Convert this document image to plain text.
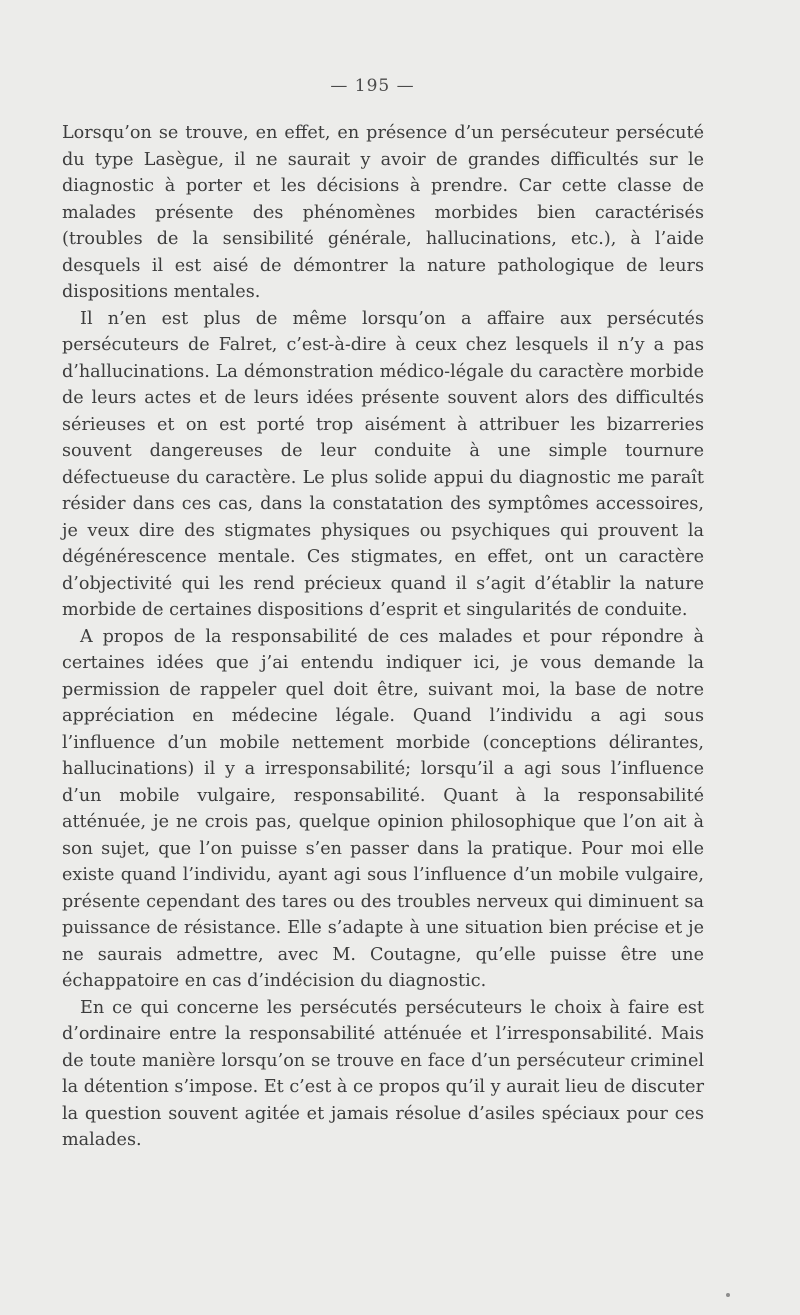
— 195 —

Lorsqu’on se trouve, en effet, en présence d’un persécuteur persécuté du type Lasègue, il ne saurait y avoir de grandes difficultés sur le diagnostic à porter et les décisions à prendre. Car cette classe de malades présente des phénomènes morbides bien caractérisés (troubles de la sensibilité générale, hallucinations, etc.), à l’aide desquels il est aisé de démontrer la nature pathologique de leurs dispositions mentales.

Il n’en est plus de même lorsqu’on a affaire aux persécutés persécuteurs de Falret, c’est-à-dire à ceux chez lesquels il n’y a pas d’hallucinations. La démonstration médico-légale du caractère morbide de leurs actes et de leurs idées présente souvent alors des difficultés sérieuses et on est porté trop aisément à attribuer les bizarreries souvent dangereuses de leur conduite à une simple tournure défectueuse du caractère. Le plus solide appui du diagnostic me paraît résider dans ces cas, dans la constatation des symptômes accessoires, je veux dire des stigmates physiques ou psychiques qui prouvent la dégénérescence mentale. Ces stigmates, en effet, ont un caractère d’objectivité qui les rend précieux quand il s’agit d’établir la nature morbide de certaines dispositions d’esprit et singularités de conduite.

A propos de la responsabilité de ces malades et pour répondre à certaines idées que j’ai entendu indiquer ici, je vous demande la permission de rappeler quel doit être, suivant moi, la base de notre appréciation en médecine légale. Quand l’individu a agi sous l’influence d’un mobile nettement morbide (conceptions délirantes, hallucinations) il y a irresponsabilité; lorsqu’il a agi sous l’influence d’un mobile vulgaire, responsabilité. Quant à la responsabilité atténuée, je ne crois pas, quelque opinion philosophique que l’on ait à son sujet, que l’on puisse s’en passer dans la pratique. Pour moi elle existe quand l’individu, ayant agi sous l’influence d’un mobile vulgaire, présente cependant des tares ou des troubles nerveux qui diminuent sa puissance de résistance. Elle s’adapte à une situation bien précise et je ne saurais admettre, avec M. Coutagne, qu’elle puisse être une échappatoire en cas d’indécision du diagnostic.

En ce qui concerne les persécutés persécuteurs le choix à faire est d’ordinaire entre la responsabilité atténuée et l’irresponsabilité. Mais de toute manière lorsqu’on se trouve en face d’un persécuteur criminel la détention s’impose. Et c’est à ce propos qu’il y aurait lieu de discuter la question souvent agitée et jamais résolue d’asiles spéciaux pour ces malades.
